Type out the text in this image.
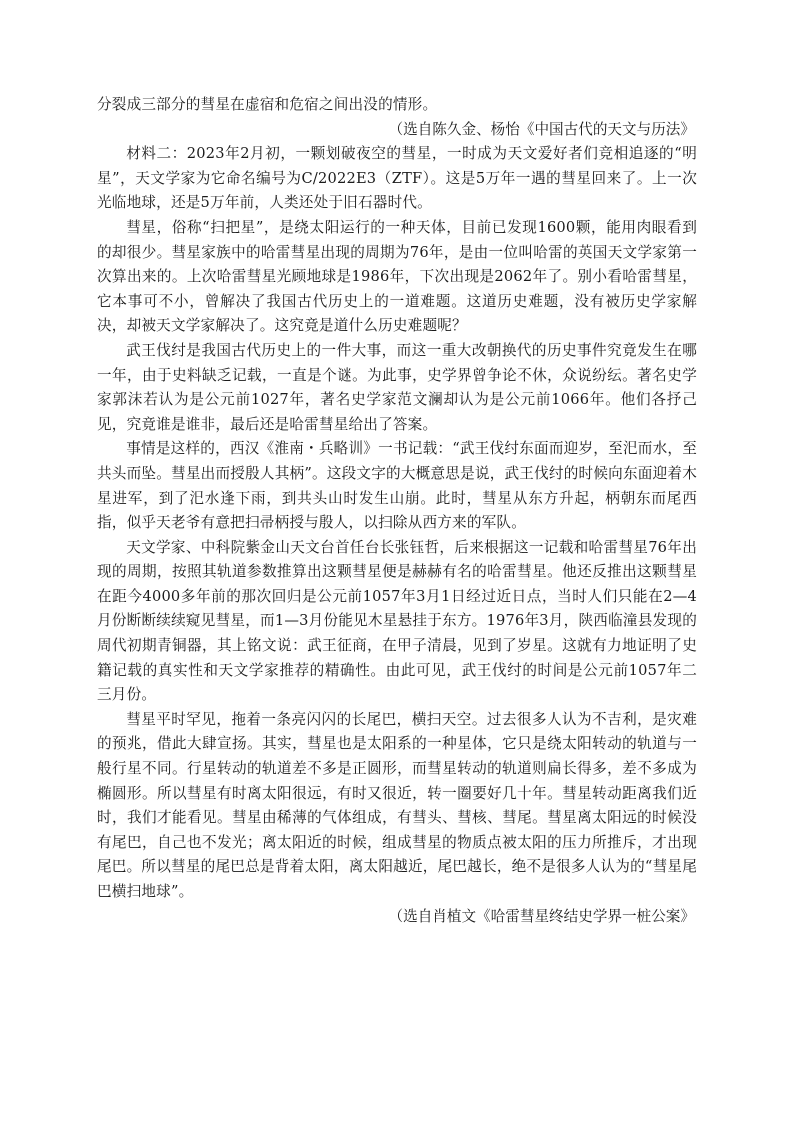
分裂成三部分的彗星在虚宿和危宿之间出没的情形。

（选自陈久金、杨怡《中国古代的天文与历法》

材料二：2023年2月初，一颗划破夜空的彗星，一时成为天文爱好者们竞相追逐的“明星”，天文学家为它命名编号为C/2022E3（ZTF）。这是5万年一遇的彗星回来了。上一次光临地球，还是5万年前，人类还处于旧石器时代。

彗星，俗称“扫把星”，是绕太阳运行的一种天体，目前已发现1600颗，能用肉眼看到的却很少。彗星家族中的哈雷彗星出现的周期为76年，是由一位叫哈雷的英国天文学家第一次算出来的。上次哈雷彗星光顾地球是1986年，下次出现是2062年了。别小看哈雷彗星，它本事可不小，曾解决了我国古代历史上的一道难题。这道历史难题，没有被历史学家解决，却被天文学家解决了。这究竟是道什么历史难题呢？

武王伐纣是我国古代历史上的一件大事，而这一重大改朝换代的历史事件究竟发生在哪一年，由于史料缺乏记载，一直是个谜。为此事，史学界曾争论不休，众说纷纭。著名史学家郭沫若认为是公元前1027年，著名史学家范文澜却认为是公元前1066年。他们各抒己见，究竟谁是谁非，最后还是哈雷彗星给出了答案。

事情是这样的，西汉《淮南・兵略训》一书记载：“武王伐纣东面而迎岁，至汜而水，至共头而坠。彗星出而授殷人其柄”。这段文字的大概意思是说，武王伐纣的时候向东面迎着木星进军，到了汜水逢下雨，到共头山时发生山崩。此时，彗星从东方升起，柄朝东而尾西指，似乎天老爷有意把扫帚柄授与殷人，以扫除从西方来的军队。

天文学家、中科院紫金山天文台首任台长张钰哲，后来根据这一记载和哈雷彗星76年出现的周期，按照其轨道参数推算出这颗彗星便是赫赫有名的哈雷彗星。他还反推出这颗彗星在距今4000多年前的那次回归是公元前1057年3月1日经过近日点，当时人们只能在2—4月份断断续续窥见彗星，而1—3月份能见木星悬挂于东方。1976年3月，陕西临潼县发现的周代初期青铜器，其上铭文说：武王征商，在甲子清晨，见到了岁星。这就有力地证明了史籍记载的真实性和天文学家推荐的精确性。由此可见，武王伐纣的时间是公元前1057年二三月份。

彗星平时罕见，拖着一条亮闪闪的长尾巴，横扫天空。过去很多人认为不吉利，是灾难的预兆，借此大肆宣扬。其实，彗星也是太阳系的一种星体，它只是绕太阳转动的轨道与一般行星不同。行星转动的轨道差不多是正圆形，而彗星转动的轨道则扁长得多，差不多成为椭圆形。所以彗星有时离太阳很远，有时又很近，转一圈要好几十年。彗星转动距离我们近时，我们才能看见。彗星由稀薄的气体组成，有彗头、彗核、彗尾。彗星离太阳远的时候没有尾巴，自己也不发光；离太阳近的时候，组成彗星的物质点被太阳的压力所推斥，才出现尾巴。所以彗星的尾巴总是背着太阳，离太阳越近，尾巴越长，绝不是很多人认为的“彗星尾巴横扫地球”。

（选自肖植文《哈雷彗星终结史学界一桩公案》
